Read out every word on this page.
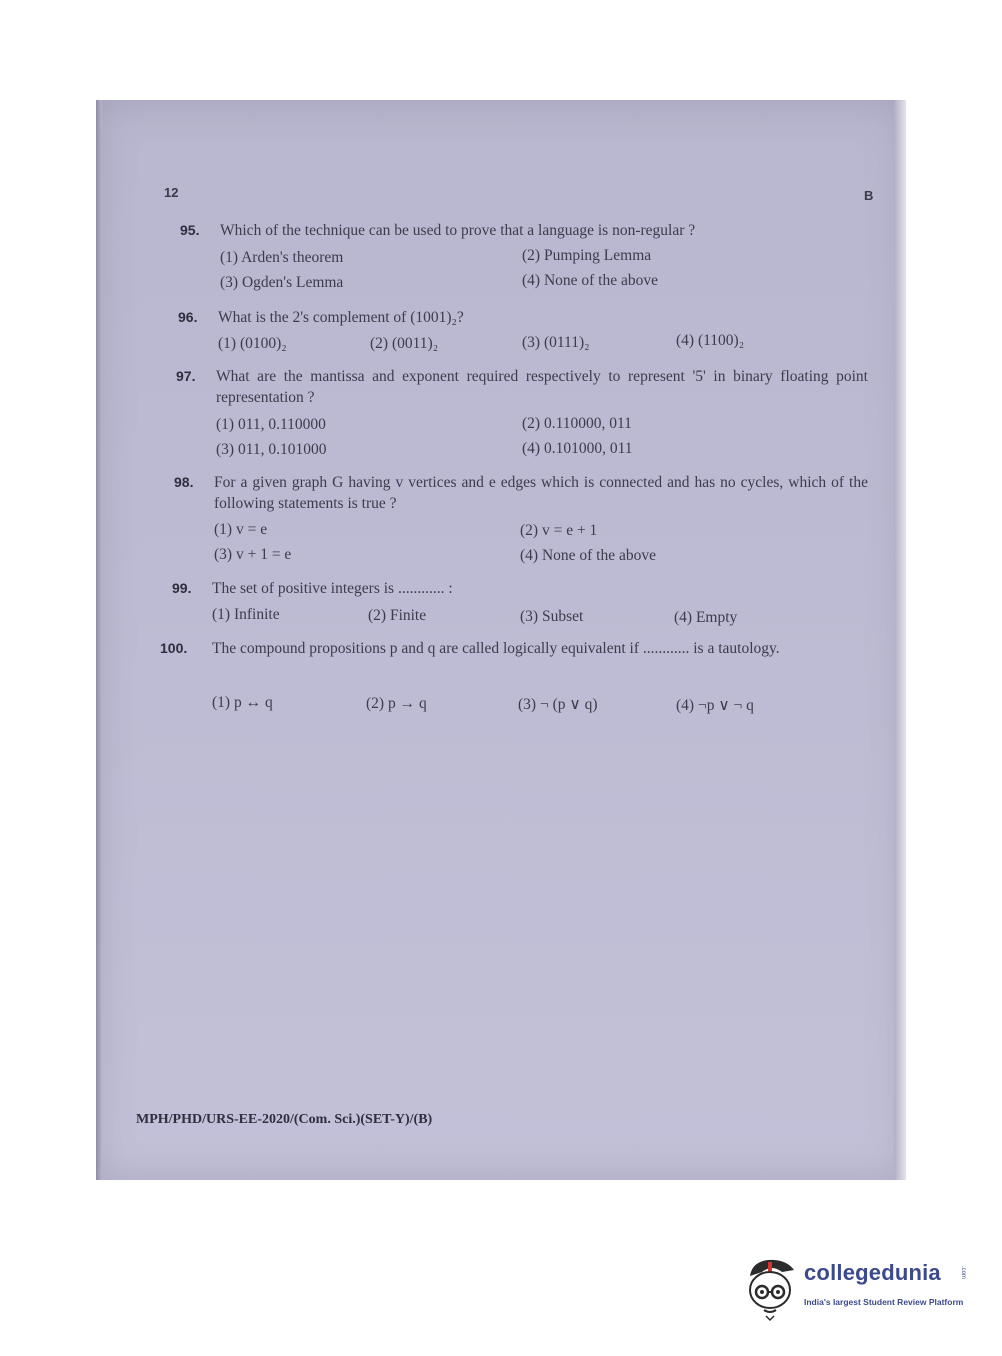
12	B
95. Which of the technique can be used to prove that a language is non-regular ?
(1) Arden's theorem	(2) Pumping Lemma
(3) Ogden's Lemma	(4) None of the above
96. What is the 2's complement of (1001)₂?
(1) (0100)₂	(2) (0011)₂	(3) (0111)₂	(4) (1100)₂
97. What are the mantissa and exponent required respectively to represent '5' in binary floating point representation ?
(1) 011, 0.110000	(2) 0.110000, 011
(3) 011, 0.101000	(4) 0.101000, 011
98. For a given graph G having v vertices and e edges which is connected and has no cycles, which of the following statements is true ?
(1) v = e	(2) v = e + 1
(3) v + 1 = e	(4) None of the above
99. The set of positive integers is ............ :
(1) Infinite	(2) Finite	(3) Subset	(4) Empty
100. The compound propositions p and q are called logically equivalent if ............ is a tautology.
(1) p ↔ q	(2) p → q	(3) ¬ (p ∨ q)	(4) ¬p ∨ ¬ q
MPH/PHD/URS-EE-2020/(Com. Sci.)(SET-Y)/(B)
collegedunia	.com
India's largest Student Review Platform
